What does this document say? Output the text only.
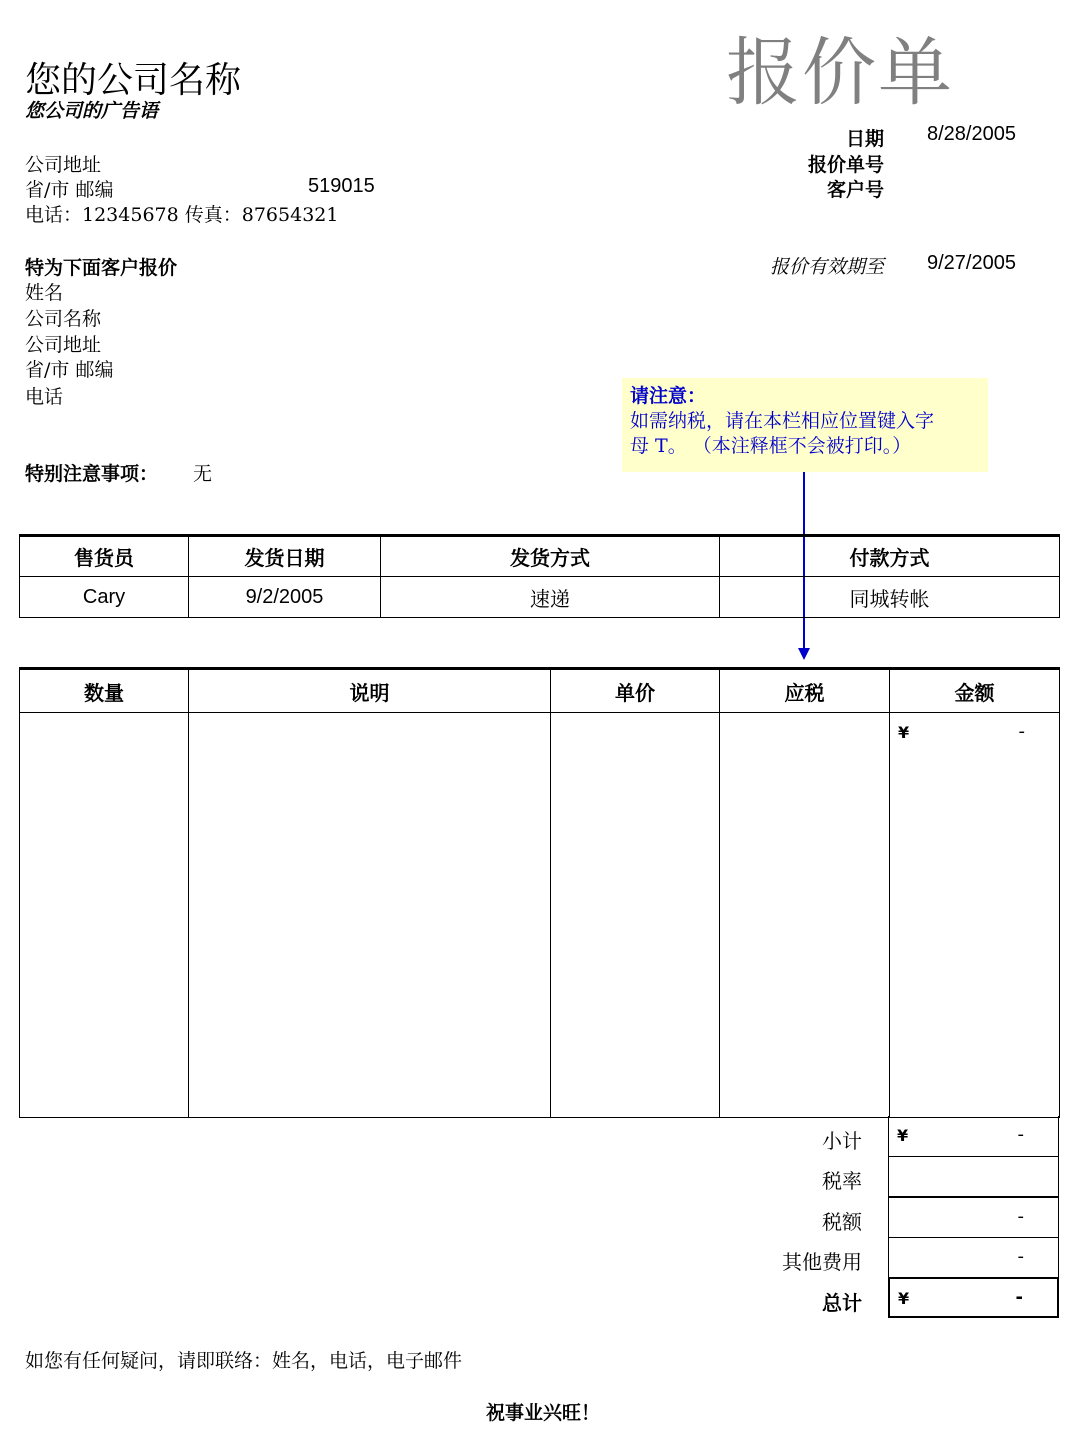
您的公司名称
您公司的广告语	报价单
公司地址
省/市 邮编	519015
电话：12345678 传真：87654321
日期 8/28/2005
报价单号
客户号
报价有效期至 9/27/2005
特为下面客户报价
姓名
公司名称
公司地址
省/市 邮编
电话
特别注意事项： 无
请注意：
如需纳税，请在本栏相应位置键入字
母 T。 （本注释框不会被打印。）
售货员	发货日期	发货方式	付款方式
Cary	9/2/2005	速递	同城转帐
数量	说明	单价	应税	金额

				¥ -

小计 ¥	-
税率
税额	-
其他费用	-
总计 ¥	-
如您有任何疑问，请即联络：姓名，电话，电子邮件
祝事业兴旺！
